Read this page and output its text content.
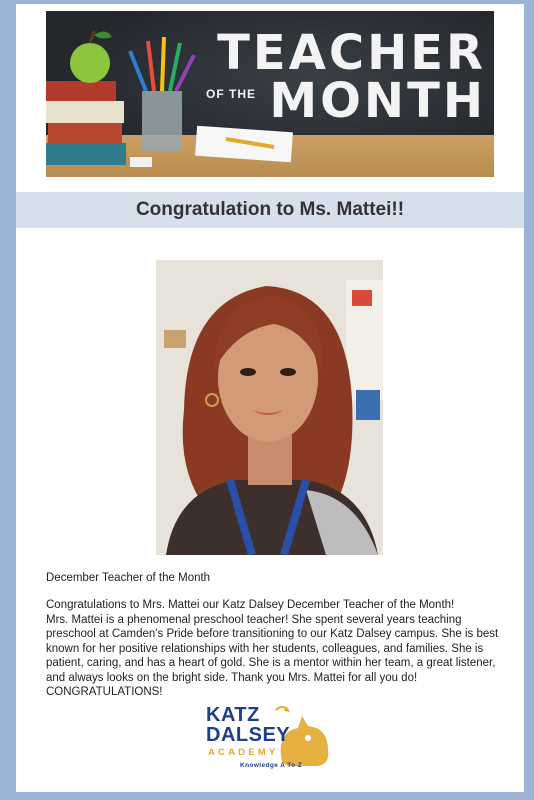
TEACHER
OF THE MONTH
Congratulation to Ms. Mattei!!
December Teacher of the Month

Congratulations to Mrs. Mattei our Katz Dalsey December Teacher of the Month!

Mrs. Mattei is a phenomenal preschool teacher! She spent several years teaching preschool at Camden's Pride before transitioning to our Katz Dalsey campus. She is best known for her positive relationships with her students, colleagues, and families. She is patient, caring, and has a heart of gold. She is a mentor within her team, a great listener, and always looks on the bright side. Thank you Mrs. Mattei for all you do! CONGRATULATIONS!

KATZ
DALSEY
ACADEMY
Knowledge A To Z
